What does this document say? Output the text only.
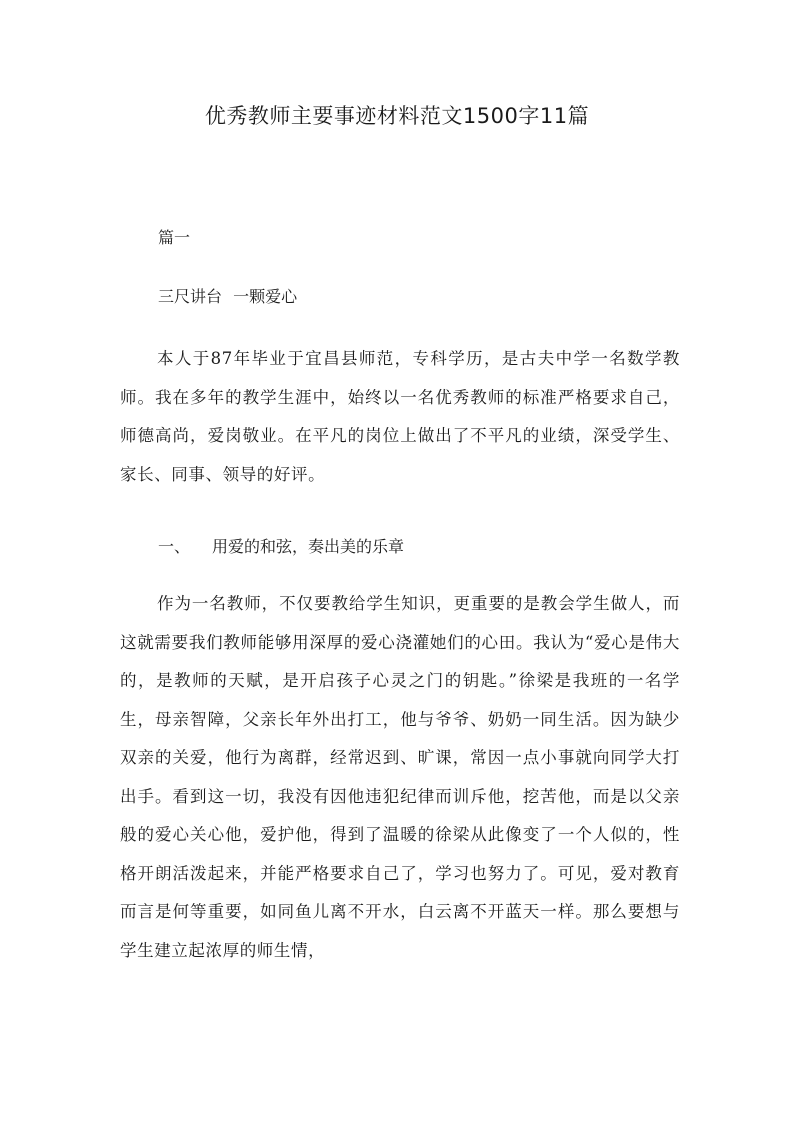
优秀教师主要事迹材料范文1500字11篇

篇一

三尺讲台 一颗爱心

本人于87年毕业于宜昌县师范，专科学历，是古夫中学一名数学教师。我在多年的教学生涯中，始终以一名优秀教师的标准严格要求自己，师德高尚，爱岗敬业。在平凡的岗位上做出了不平凡的业绩，深受学生、家长、同事、领导的好评。

一、 用爱的和弦，奏出美的乐章

作为一名教师，不仅要教给学生知识，更重要的是教会学生做人，而这就需要我们教师能够用深厚的爱心浇灌她们的心田。我认为“爱心是伟大的，是教师的天赋，是开启孩子心灵之门的钥匙。”徐梁是我班的一名学生，母亲智障，父亲长年外出打工，他与爷爷、奶奶一同生活。因为缺少双亲的关爱，他行为离群，经常迟到、旷课，常因一点小事就向同学大打出手。看到这一切，我没有因他违犯纪律而训斥他，挖苦他，而是以父亲般的爱心关心他，爱护他，得到了温暖的徐梁从此像变了一个人似的，性格开朗活泼起来，并能严格要求自己了，学习也努力了。可见，爱对教育而言是何等重要，如同鱼儿离不开水，白云离不开蓝天一样。那么要想与学生建立起浓厚的师生情，
